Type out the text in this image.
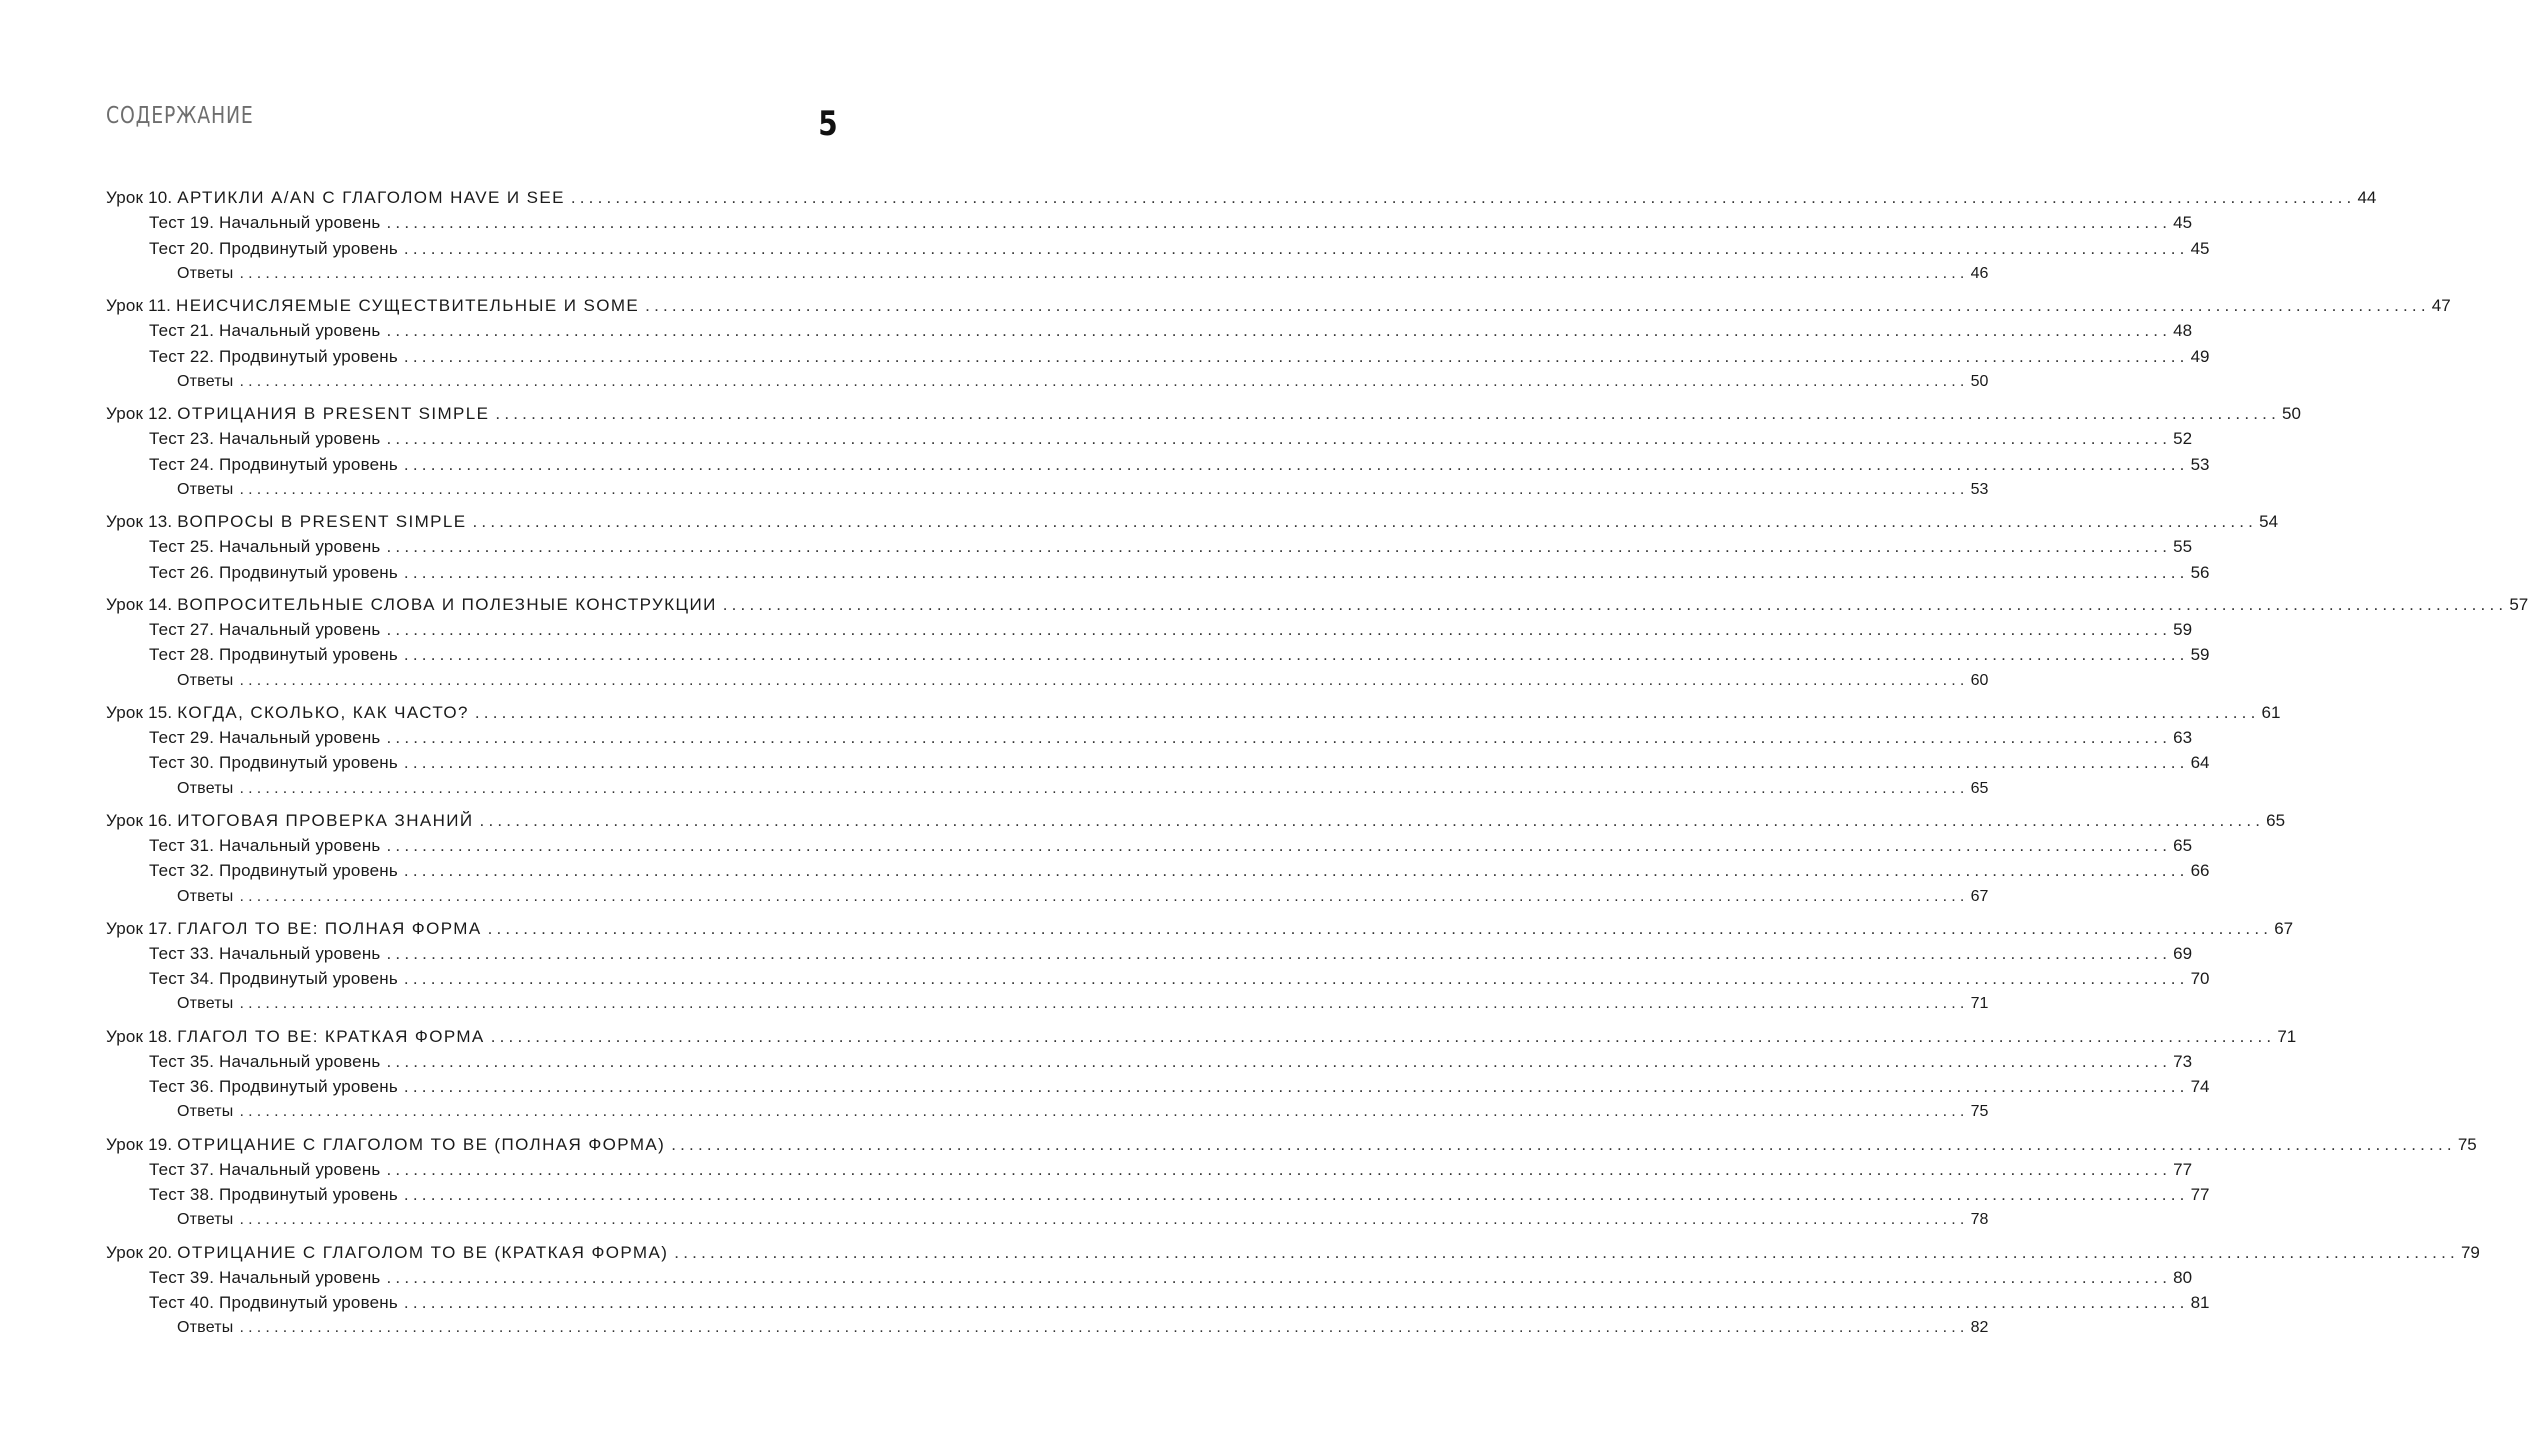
СОДЕРЖАНИЕ	5
Урок 10. АРТИКЛИ A/AN С ГЛАГОЛОМ HAVE И SEE ........................................................................................................................................................................................................ 44
Тест 19. Начальный уровень ........................................................................................................................................................................................................ 45
Тест 20. Продвинутый уровень ........................................................................................................................................................................................................ 45
Ответы ........................................................................................................................................................................................................ 46
Урок 11. НЕИСЧИСЛЯЕМЫЕ СУЩЕСТВИТЕЛЬНЫЕ И SOME ........................................................................................................................................................................................................ 47
Тест 21. Начальный уровень ........................................................................................................................................................................................................ 48
Тест 22. Продвинутый уровень ........................................................................................................................................................................................................ 49
Ответы ........................................................................................................................................................................................................ 50
Урок 12. ОТРИЦАНИЯ В PRESENT SIMPLE ........................................................................................................................................................................................................ 50
Тест 23. Начальный уровень ........................................................................................................................................................................................................ 52
Тест 24. Продвинутый уровень ........................................................................................................................................................................................................ 53
Ответы ........................................................................................................................................................................................................ 53
Урок 13. ВОПРОСЫ В PRESENT SIMPLE ........................................................................................................................................................................................................ 54
Тест 25. Начальный уровень ........................................................................................................................................................................................................ 55
Тест 26. Продвинутый уровень ........................................................................................................................................................................................................ 56
Урок 14. ВОПРОСИТЕЛЬНЫЕ СЛОВА И ПОЛЕЗНЫЕ КОНСТРУКЦИИ ........................................................................................................................................................................................................ 57
Тест 27. Начальный уровень ........................................................................................................................................................................................................ 59
Тест 28. Продвинутый уровень ........................................................................................................................................................................................................ 59
Ответы ........................................................................................................................................................................................................ 60
Урок 15. КОГДА, СКОЛЬКО, КАК ЧАСТО? ........................................................................................................................................................................................................ 61
Тест 29. Начальный уровень ........................................................................................................................................................................................................ 63
Тест 30. Продвинутый уровень ........................................................................................................................................................................................................ 64
Ответы ........................................................................................................................................................................................................ 65
Урок 16. ИТОГОВАЯ ПРОВЕРКА ЗНАНИЙ ........................................................................................................................................................................................................ 65
Тест 31. Начальный уровень ........................................................................................................................................................................................................ 65
Тест 32. Продвинутый уровень ........................................................................................................................................................................................................ 66
Ответы ........................................................................................................................................................................................................ 67
Урок 17. ГЛАГОЛ TO BE: ПОЛНАЯ ФОРМА ........................................................................................................................................................................................................ 67
Тест 33. Начальный уровень ........................................................................................................................................................................................................ 69
Тест 34. Продвинутый уровень ........................................................................................................................................................................................................ 70
Ответы ........................................................................................................................................................................................................ 71
Урок 18. ГЛАГОЛ TO BE: КРАТКАЯ ФОРМА ........................................................................................................................................................................................................ 71
Тест 35. Начальный уровень ........................................................................................................................................................................................................ 73
Тест 36. Продвинутый уровень ........................................................................................................................................................................................................ 74
Ответы ........................................................................................................................................................................................................ 75
Урок 19. ОТРИЦАНИЕ С ГЛАГОЛОМ TO BE (ПОЛНАЯ ФОРМА) ........................................................................................................................................................................................................ 75
Тест 37. Начальный уровень ........................................................................................................................................................................................................ 77
Тест 38. Продвинутый уровень ........................................................................................................................................................................................................ 77
Ответы ........................................................................................................................................................................................................ 78
Урок 20. ОТРИЦАНИЕ С ГЛАГОЛОМ TO BE (КРАТКАЯ ФОРМА) ........................................................................................................................................................................................................ 79
Тест 39. Начальный уровень ........................................................................................................................................................................................................ 80
Тест 40. Продвинутый уровень ........................................................................................................................................................................................................ 81
Ответы ........................................................................................................................................................................................................ 82
